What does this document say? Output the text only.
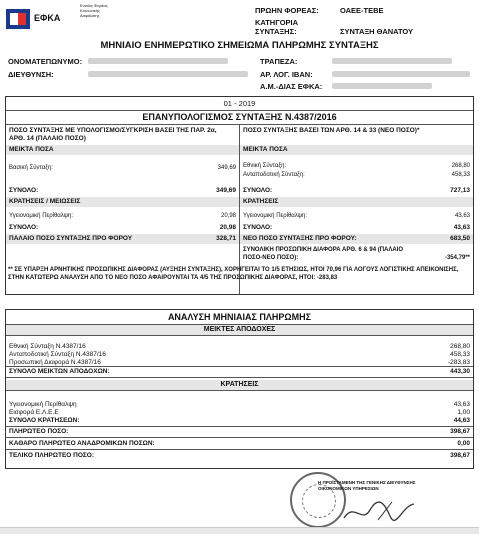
ΕΦΚΑ
Ενιαίος Φορέας Κοινωνικής Ασφάλισης
ΠΡΩΗΝ ΦΟΡΕΑΣ:	ΟΑΕΕ-ΤΕΒΕ
ΚΑΤΗΓΟΡΙΑ ΣΥΝΤΑΞΗΣ:	ΣΥΝΤΑΞΗ ΘΑΝΑΤΟΥ
ΜΗΝΙΑΙΟ ΕΝΗΜΕΡΩΤΙΚΟ ΣΗΜΕΙΩΜΑ ΠΛΗΡΩΜΗΣ ΣΥΝΤΑΞΗΣ
ΟΝΟΜΑΤΕΠΩΝΥΜΟ:
ΔΙΕΥΘΥΝΣΗ:
ΤΡΑΠΕΖΑ:
ΑΡ. ΛΟΓ. IBAN:
Α.Μ.-ΔΙΑΣ ΕΦΚΑ:
01 - 2019
ΕΠΑΝΥΠΟΛΟΓΙΣΜΟΣ ΣΥΝΤΑΞΗΣ Ν.4387/2016
ΠΟΣΟ ΣΥΝΤΑΞΗΣ ΜΕ ΥΠΟΛΟΓΙΣΜΟ/ΣΥΓΚΡΙΣΗ ΒΑΣΕΙ ΤΗΣ ΠΑΡ. 2α, ΑΡΘ. 14 (ΠΑΛΑΙΟ ΠΟΣΟ)
ΜΕΙΚΤΑ ΠΟΣΑ
Βασική Σύνταξη:	349,69
ΣΥΝΟΛΟ:	349,69
ΚΡΑΤΗΣΕΙΣ / ΜΕΙΩΣΕΙΣ
Υγειονομική Περίθαλψη:	20,98
ΣΥΝΟΛΟ:	20,98
ΠΑΛΑΙΟ ΠΟΣΟ ΣΥΝΤΑΞΗΣ ΠΡΟ ΦΟΡΟΥ	328,71
ΠΟΣΟ ΣΥΝΤΑΞΗΣ ΒΑΣΕΙ ΤΩΝ ΑΡΘ. 14 & 33 (ΝΕΟ ΠΟΣΟ)*
ΜΕΙΚΤΑ ΠΟΣΑ
Εθνική Σύνταξη:	268,80
Ανταποδοτική Σύνταξη:	458,33
ΣΥΝΟΛΟ:	727,13
ΚΡΑΤΗΣΕΙΣ
Υγειονομική Περίθαλψη:	43,63
ΣΥΝΟΛΟ:	43,63
ΝΕΟ ΠΟΣΟ ΣΥΝΤΑΞΗΣ ΠΡΟ ΦΟΡΟΥ:	683,50
ΣΥΝΟΛΙΚΗ ΠΡΟΣΩΠΙΚΗ ΔΙΑΦΟΡΑ ΑΡΘ. 6 & 94 (ΠΑΛΑΙΟ ΠΟΣΟ-ΝΕΟ ΠΟΣΟ):	-354,79**
** ΣΕ ΥΠΑΡΞΗ ΑΡΝΗΤΙΚΗΣ ΠΡΟΣΩΠΙΚΗΣ ΔΙΑΦΟΡΑΣ (ΑΥΞΗΣΗ ΣΥΝΤΑΞΗΣ), ΧΟΡΗΓΕΙΤΑΙ ΤΟ 1/5 ΕΤΗΣΙΩΣ, ΗΤΟΙ 70,96 ΓΙΑ ΛΟΓΟΥΣ ΛΟΓΙΣΤΙΚΗΣ ΑΠΕΙΚΟΝΙΣΗΣ, ΣΤΗΝ ΚΑΤΩΤΕΡΩ ΑΝΑΛΥΣΗ ΑΠΟ ΤΟ ΝΕΟ ΠΟΣΟ ΑΦΑΙΡΟΥΝΤΑΙ ΤΑ 4/5 ΤΗΣ ΠΡΟΣΩΠΙΚΗΣ ΔΙΑΦΟΡΑΣ, ΗΤΟΙ: -283,83
ΑΝΑΛΥΣΗ ΜΗΝΙΑΙΑΣ ΠΛΗΡΩΜΗΣ
ΜΕΙΚΤΕΣ ΑΠΟΔΟΧΕΣ
Εθνική Σύνταξη Ν.4387/16	268,80
Ανταποδοτική Σύνταξη Ν.4387/16	458,33
Προσωπική Διαφορά Ν.4387/16	-283,83
ΣΥΝΟΛΟ ΜΕΙΚΤΩΝ ΑΠΟΔΟΧΩΝ:	443,30
ΚΡΑΤΗΣΕΙΣ
Υγειονομική Περίθαλψη	43,63
Εισφορά Ε.Λ.Ε.Ε	1,00
ΣΥΝΟΛΟ ΚΡΑΤΗΣΕΩΝ:	44,63
ΠΛΗΡΩΤΕΟ ΠΟΣΟ:	398,67
ΚΑΘΑΡΟ ΠΛΗΡΩΤΕΟ ΑΝΑΔΡΟΜΙΚΩΝ ΠΟΣΩΝ:	0,00
ΤΕΛΙΚΟ ΠΛΗΡΩΤΕΟ ΠΟΣΟ:	398,67
Η ΠΡΟΪΣΤΑΜΕΝΗ ΤΗΣ ΓΕΝΙΚΗΣ ΔΙΕΥΘΥΝΣΗΣ ΟΙΚΟΝΟΜΙΚΩΝ ΥΠΗΡΕΣΙΩΝ
